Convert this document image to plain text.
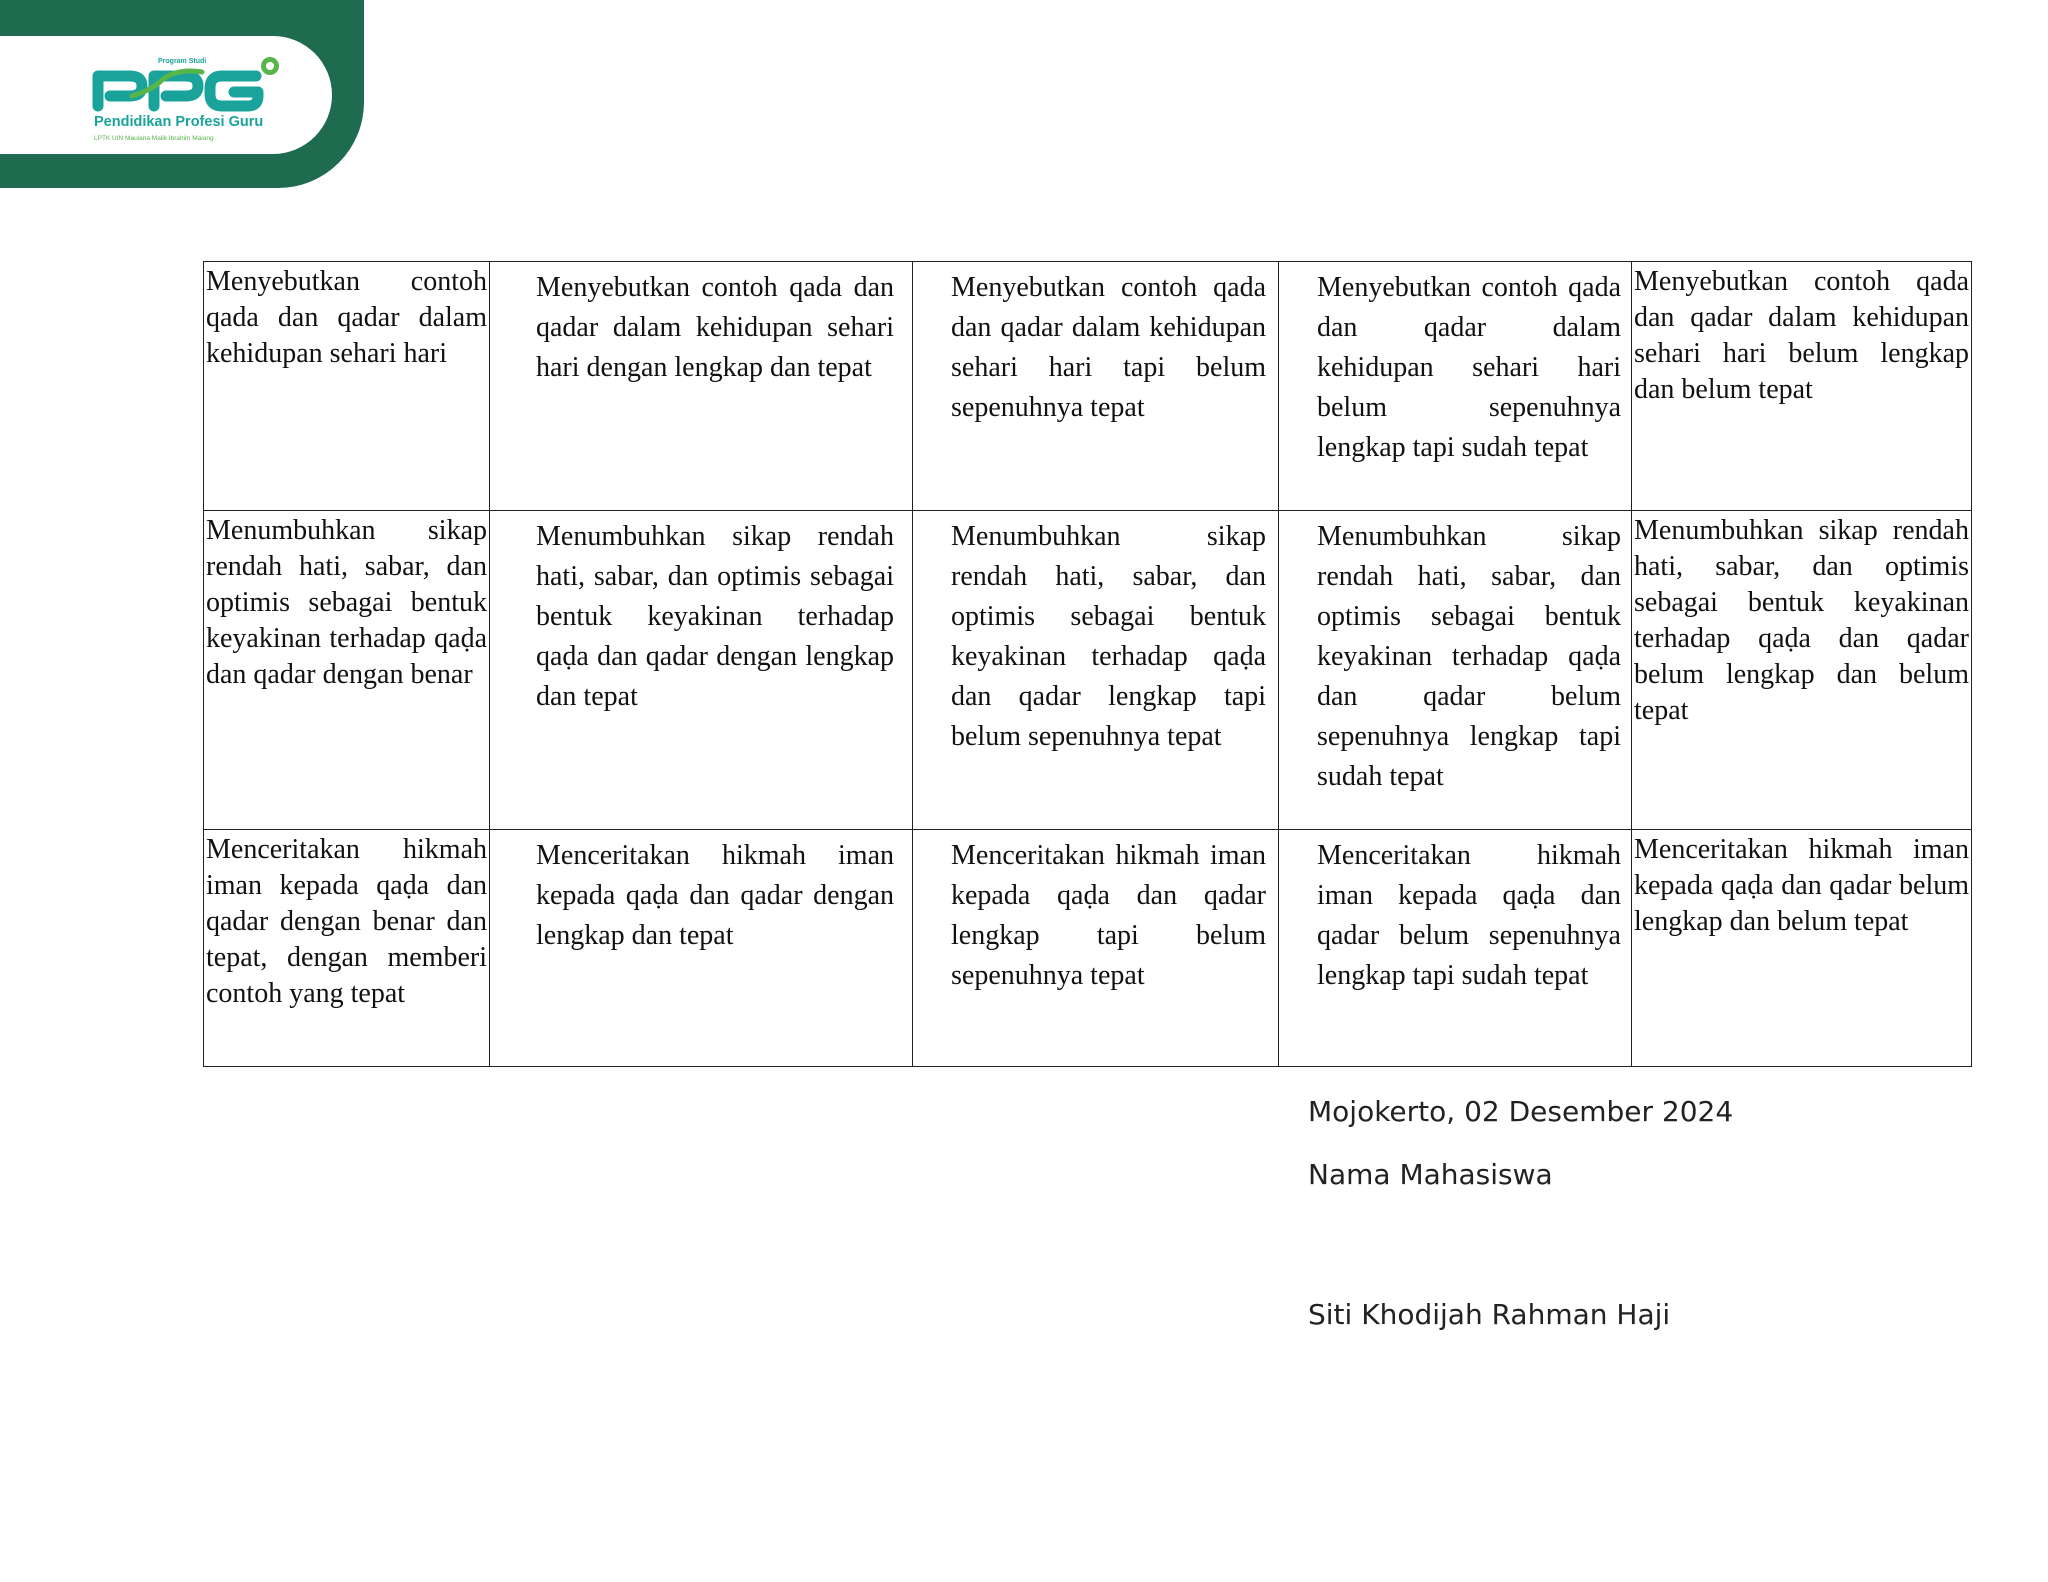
Program Studi
Pendidikan Profesi Guru
LPTK UIN Maulana Malik Ibrahim Malang
Menyebutkan contoh qada dan qadar dalam kehidupan sehari hari	Menyebutkan contoh qada dan qadar dalam kehidupan sehari hari dengan lengkap dan tepat	Menyebutkan contoh qada dan qadar dalam kehidupan sehari hari tapi belum sepenuhnya tepat	Menyebutkan contoh qada dan qadar dalam kehidupan sehari hari belum sepenuhnya lengkap tapi sudah tepat	Menyebutkan contoh qada dan qadar dalam kehidupan sehari hari belum lengkap dan belum tepat
Menumbuhkan sikap rendah hati, sabar, dan optimis sebagai bentuk keyakinan terhadap qaḍa dan qadar dengan benar	Menumbuhkan sikap rendah hati, sabar, dan optimis sebagai bentuk keyakinan terhadap qaḍa dan qadar dengan lengkap dan tepat	Menumbuhkan sikap rendah hati, sabar, dan optimis sebagai bentuk keyakinan terhadap qaḍa dan qadar lengkap tapi belum sepenuhnya tepat	Menumbuhkan sikap rendah hati, sabar, dan optimis sebagai bentuk keyakinan terhadap qaḍa dan qadar belum sepenuhnya lengkap tapi sudah tepat	Menumbuhkan sikap rendah hati, sabar, dan optimis sebagai bentuk keyakinan terhadap qaḍa dan qadar belum lengkap dan belum tepat
Menceritakan hikmah iman kepada qaḍa dan qadar dengan benar dan tepat, dengan memberi contoh yang tepat	Menceritakan hikmah iman kepada qaḍa dan qadar dengan lengkap dan tepat	Menceritakan hikmah iman kepada qaḍa dan qadar lengkap tapi belum sepenuhnya tepat	Menceritakan hikmah iman kepada qaḍa dan qadar belum sepenuhnya lengkap tapi sudah tepat	Menceritakan hikmah iman kepada qaḍa dan qadar belum lengkap dan belum tepat
Mojokerto, 02 Desember 2024
Nama Mahasiswa
Siti Khodijah Rahman Haji
